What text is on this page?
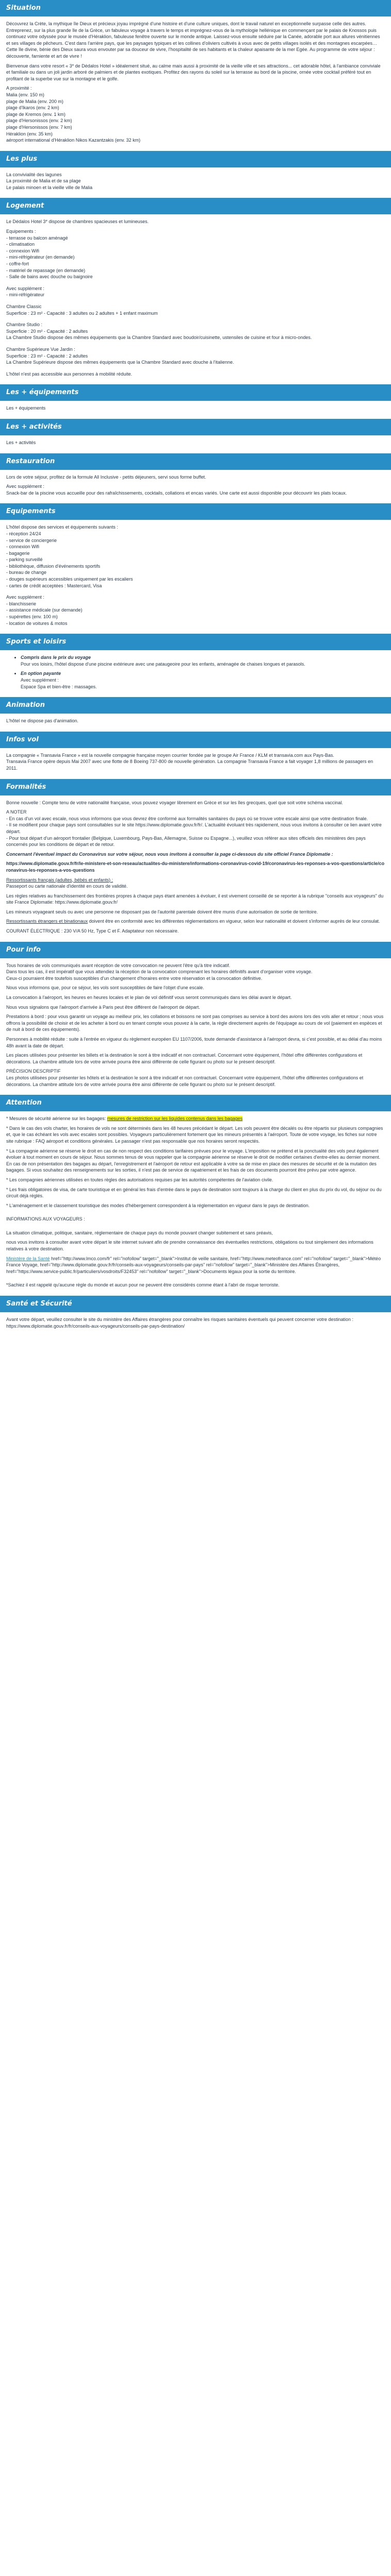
Situation

Découvrez la Crète, la mythique île Dieux et précieux joyau imprégné d'une histoire et d'une culture uniques, dont le travail naturel en exceptionnelle surpasse celle des autres. Entreprenez, sur la plus grande île de la Grèce, un fabuleux voyage à travers le temps et imprégnez-vous de la mythologie hellénique en commençant par le palais de Knossos puis continuez votre odyssée pour le musée d'Héraklion, fabuleuse fenêtre ouverte sur le monde antique. Laissez-vous ensuite séduire par la Canée, adorable port aux allures vénitiennes et ses villages de pêcheurs. C'est dans l'arrière pays, que les paysages typiques et les collines d'oliviers cultivés à vous avec de petits villages isolés et des montagnes escarpées… Cette île divine, bénie des Dieux saura vous envouter par sa douceur de vivre, l'hospitalité de ses habitants et la chaleur apaisante de la mer Egée. Au programme de votre séjour : découverte, farniente et art de vivre !

Bienvenue dans votre resort « 3* de Dédalos Hotel » idéalement situé, au calme mais aussi à proximité de la vieille ville et ses attractions... cet adorable hôtel, à l'ambiance conviviale et familiale ou dans un joli jardin arboré de palmiers et de plantes exotiques. Profitez des rayons du soleil sur la terrasse au bord de la piscine, ornée votre cocktail préféré tout en profitant de la superbe vue sur la montagne et le golfe.

A proximité :
Malia (env. 150 m)
plage de Malia (env. 200 m)
plage d'Ikaros (env. 2 km)
plage de Kremos (env. 1 km)
plage d'Hersonissos (env. 2 km)
plage d'Hersonissos (env. 7 km)
Héraklion (env. 35 km)
aéroport international d'Héraklion Nikos Kazantzakis (env. 32 km)
Les plus
La convivialité des lagunes
La proximité de Malia et de sa plage
Le palais minoen et la vieille ville de Malia
Logement

Le Dédalos Hotel 3* dispose de chambres spacieuses et lumineuses.

Equipements :
- terrasse ou balcon aménagé
- climatisation
- connexion Wifi
- mini-réfrigérateur (en demande)
- coffre-fort
- matériel de repassage (en demande)
- Salle de bains avec douche ou baignoire
Avec supplément :
- mini-réfrigérateur
Chambre Classic
Superficie : 23 m² - Capacité : 3 adultes ou 2 adultes + 1 enfant maximum
Chambre Studio :
Superficie : 20 m² - Capacité : 2 adultes
La Chambre Studio dispose des mêmes équipements que la Chambre Standard avec boudoir/cuisinette, ustensiles de cuisine et four à micro-ondes.
Chambre Supérieure Vue Jardin :
Superficie : 23 m² - Capacité : 2 adultes
La Chambre Supérieure dispose des mêmes équipements que la Chambre Standard avec douche à l'italienne.

L'hôtel n'est pas accessible aux personnes à mobilité réduite.

Les + équipements

Les + équipements

Les + activités

Les + activités

Restauration

Lors de votre séjour, profitez de la formule All Inclusive - petits déjeuners, servi sous forme buffet.

Avec supplément :

Snack-bar de la piscine vous accueille pour des rafraîchissements, cocktails, collations et encas variés. Une carte est aussi disponible pour découvrir les plats locaux.

Equipements
L'hôtel dispose des services et équipements suivants :
- réception 24/24
- service de conciergerie
- connexion Wifi
- bagagerie
- parking surveillé
- bibliothèque, diffusion d'événements sportifs
- bureau de change
- douges supérieurs accessibles uniquement par les escaliers
- cartes de crédit acceptées : Mastercard, Visa
Avec supplément :
- blanchisserie
- assistance médicale (sur demande)
- supérettes (env. 100 m)
- location de voitures & motos
Sports et loisirs
• Compris dans le prix du voyage
Pour vos loisirs, l'hôtel dispose d'une piscine extérieure avec une pataugeoire pour les enfants, aménagée de chaises longues et parasols.
• En option payante
Avec supplément :
Espace Spa et bien-être : massages.
Animation

L'hôtel ne dispose pas d'animation.

Infos vol
La compagnie « Transavia France » est la nouvelle compagnie française moyen courrier fondée par le groupe Air France / KLM et transavia.com aux Pays-Bas.
Transavia France opère depuis Mai 2007 avec une flotte de 8 Boeing 737-800 de nouvelle génération. La compagnie Transavia France a fait voyager 1,8 millions de passagers en 2011.
Formalités

Bonne nouvelle : Compte tenu de votre nationalité française, vous pouvez voyager librement en Grèce et sur les îles grecques, quel que soit votre schéma vaccinal.

A NOTER
- En cas d'un vol avec escale, nous vous informons que vous devrez être conformé aux formalités sanitaires du pays où se trouve votre escale ainsi que votre destination finale.
- Il se modifient pour chaque pays sont consultables sur le site https://www.diplomatie.gouv.fr/fr/. L'actualité évoluant très rapidement, nous vous invitons à consulter ce lien avant votre départ.

- Pour tout départ d'un aéroport frontalier (Belgique, Luxembourg, Pays-Bas, Allemagne, Suisse ou Espagne...), veuillez vous référer aux sites officiels des ministères des pays concernés pour les conditions de départ et de retour.

Concernant l'éventuel impact du Coronavirus sur votre séjour, nous vous invitons à consulter la page ci-dessous du site officiel France Diplomatie :

https://www.diplomatie.gouv.fr/fr/le-ministere-et-son-reseau/actualites-du-ministere/informations-coronavirus-covid-19/coronavirus-les-reponses-a-vos-questions/article/coronavirus-les-reponses-a-vos-questions

Ressortissants français (adultes, bébés et enfants) :

Passeport ou carte nationale d'identité en cours de validité.

Les règles relatives au franchissement des frontières propres à chaque pays étant amenées à évoluer, il est vivement conseillé de se reporter à la rubrique "conseils aux voyageurs" du site France Diplomatie: https://www.diplomatie.gouv.fr/

Les mineurs voyageant seuls ou avec une personne ne disposant pas de l'autorité parentale doivent être munis d'une autorisation de sortie de territoire.

Ressortissants étrangers et binationaux doivent être en conformité avec les différentes réglementations en vigueur, selon leur nationalité et doivent s'informer auprès de leur consulat.

COURANT ÉLECTRIQUE : 230 V/A 50 Hz, Type C et F. Adaptateur non nécessaire.

Pour info
Tous horaires de vols communiqués avant réception de votre convocation ne peuvent l'être qu'à titre indicatif.
Dans tous les cas, il est impératif que vous attendiez la réception de la convocation comprenant les horaires définitifs avant d'organiser votre voyage.

Ceux-ci pourraient être toutefois susceptibles d'un changement d'horaires entre votre réservation et la convocation définitive.

Nous vous informons que, pour ce séjour, les vols sont susceptibles de faire l'objet d'une escale.

La convocation à l'aéroport, les heures en heures locales et le plan de vol définitif vous seront communiqués dans les délai avant le départ.

Nous vous signalons que l'aéroport d'arrivée à Paris peut être différent de l'aéroport de départ.

Prestations à bord : pour vous garantir un voyage au meilleur prix, les collations et boissons ne sont pas comprises au service à bord des avions lors des vols aller et retour ; nous vous offrons la possibilité de choisir et de les acheter à bord ou en tenant compte vous pouvez à la carte, la règle directement auprès de l'équipage au cours de vol (paiement en espèces et de nuit à bord de ces équipements).

Personnes à mobilité réduite : suite à l'entrée en vigueur du règlement européen EU 1107/2006, toute demande d'assistance à l'aéroport devra, si c'est possible, et au délai d'au moins 48h avant la date de départ.

Les places utilisées pour présenter les billets et la destination le sont à titre indicatif et non contractuel. Concernant votre équipement, l'hôtel offre différentes configurations et décorations. La chambre attitude lors de votre arrivée pourra être ainsi différente de celle figurant ou photo sur le présent descriptif.

PRÉCISION DESCRIPTIF

Les photos utilisées pour présenter les hôtels et la destination le sont à titre indicatif et non contractuel. Concernant votre équipement, l'hôtel offre différentes configurations et décorations. La chambre attitude lors de votre arrivée pourra être ainsi différente de celle figurant ou photo sur le présent descriptif.

Attention

* Mesures de sécurité aérienne sur les bagages: mesures de restriction sur les liquides contenus dans les bagages

* Dans le cas des vols charter, les horaires de vols ne sont déterminés dans les 48 heures précédant le départ. Les vols peuvent être décalés ou être répartis sur plusieurs compagnies et, que le cas échéant les vols avec escales sont possibles. Voyageurs particulièrement fortement que les mineurs présentés à l'aéroport. Toute de votre voyage, les fiches sur notre site rubrique : FAQ aéroport et conditions générales. Le passager n'est pas responsable que nos horaires seront respectés.

* La compagnie aérienne se réserve le droit en cas de non respect des conditions tarifaires prévues pour le voyage. L'imposition ne prétend et la ponctualité des vols peut également évoluer à tout moment en cours de séjour. Nous sommes tenus de vous rappeler que la compagnie aérienne se réserve le droit de modifier certaines d'entre-elles au dernier moment. En cas de non présentation des bagages au départ, l'enregistrement et l'aéroport de retour est applicable à votre sa de mise en place des mesures de sécurité et de la mutation des bagages. Si vous souhaitez des renseignements sur les sorties, il n'est pas de service de rapatriement et les frais de ces documents pourront être prévu par votre agence.

* Les compagnies aériennes utilisées en toutes règles des autorisations requises par les autorités compétentes de l'aviation civile.

* Les frais obligatoires de visa, de carte touristique et en général les frais d'entrée dans le pays de destination sont toujours à la charge du client en plus du prix du vol, du séjour ou du circuit déjà réglés.

* L'aménagement et le classement touristique des modes d'hébergement correspondent à la réglementation en vigueur dans le pays de destination.

INFORMATIONS AUX VOYAGEURS :

La situation climatique, politique, sanitaire, réglementaire de chaque pays du monde pouvant changer subitement et sans préavis,

nous vous invitons à consulter avant votre départ le site internet suivant afin de prendre connaissance des éventuelles restrictions, obligations ou tout simplement des informations relatives à votre destination.

Ministère de la Santé href="http://www.lmco.com/fr" rel="nofollow" target="_blank">Institut de veille sanitaire, href="http://www.meteofrance.com" rel="nofollow" target="_blank">Météo France Voyage, href="http://www.diplomatie.gouv.fr/fr/conseils-aux-voyageurs/conseils-par-pays" rel="nofollow" target="_blank">Ministère des Affaires Étrangères, href="https://www.service-public.fr/particuliers/vosdroits/F32453" rel="nofollow" target="_blank">Documents légaux pour la sortie du territoire.

*Sachiez il est rappelé qu'aucune règle du monde et aucun pour ne peuvent être considérés comme étant à l'abri de risque terroriste.

Santé et Sécurité

Avant votre départ, veuillez consulter le site du ministère des Affaires étrangères pour connaître les risques sanitaires éventuels qui peuvent concerner votre destination : https://www.diplomatie.gouv.fr/fr/conseils-aux-voyageurs/conseils-par-pays-destination/
